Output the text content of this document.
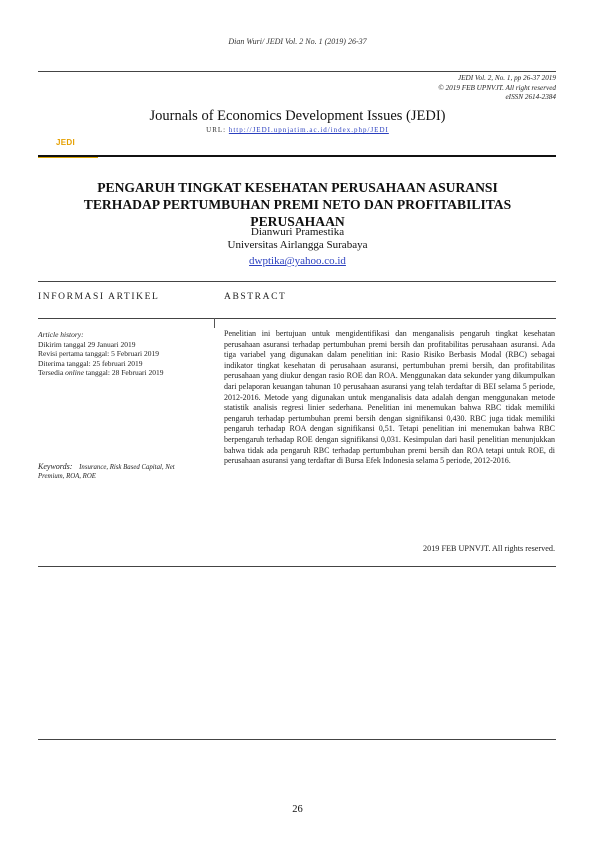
Dian Wuri/ JEDI Vol. 2 No. 1 (2019) 26-37
JEDI Vol. 2, No. 1, pp 26-37 2019
© 2019 FEB UPNVJT. All right reserved
eISSN 2614-2384
Journals of Economics Development Issues (JEDI)
URL: http://JEDI.upnjatim.ac.id/index.php/JEDI
JEDI
PENGARUH TINGKAT KESEHATAN PERUSAHAAN ASURANSI
TERHADAP PERTUMBUHAN PREMI NETO DAN PROFITABILITAS
PERUSAHAAN
Dianwuri Pramestika
Universitas Airlangga Surabaya
dwptika@yahoo.co.id
INFORMASI ARTIKEL	ABSTRACT
Article history:
Dikirim tanggal 29 Januari 2019
Revisi pertama tanggal: 5 Februari 2019
Diterima tanggal: 25 februari 2019
Tersedia online tanggal: 28 Februari 2019
Keywords: Insurance, Risk Based Capital, Net
Premium, ROA, ROE
Penelitian ini bertujuan untuk mengidentifikasi dan menganalisis pengaruh tingkat kesehatan perusahaan asuransi terhadap pertumbuhan premi bersih dan profitabilitas perusahaan asuransi. Ada tiga variabel yang digunakan dalam penelitian ini: Rasio Risiko Berbasis Modal (RBC) sebagai indikator tingkat kesehatan di perusahaan asuransi, pertumbuhan premi bersih, dan profitabilitas perusahaan yang diukur dengan rasio ROE dan ROA. Menggunakan data sekunder yang dikumpulkan dari pelaporan keuangan tahunan 10 perusahaan asuransi yang telah terdaftar di BEI selama 5 periode, 2012-2016. Metode yang digunakan untuk menganalisis data adalah dengan menggunakan metode statistik analisis regresi linier sederhana. Penelitian ini menemukan bahwa RBC tidak memiliki pengaruh terhadap pertumbuhan premi bersih dengan signifikansi 0,430. RBC juga tidak memiliki pengaruh terhadap ROA dengan signifikansi 0,51. Tetapi penelitian ini menemukan bahwa RBC berpengaruh terhadap ROE dengan signifikansi 0,031. Kesimpulan dari hasil penelitian menunjukkan bahwa tidak ada pengaruh RBC terhadap pertumbuhan premi bersih dan ROA tetapi untuk ROE, di perusahaan asuransi yang terdaftar di Bursa Efek Indonesia selama 5 periode, 2012-2016.
2019 FEB UPNVJT. All rights reserved.
26
